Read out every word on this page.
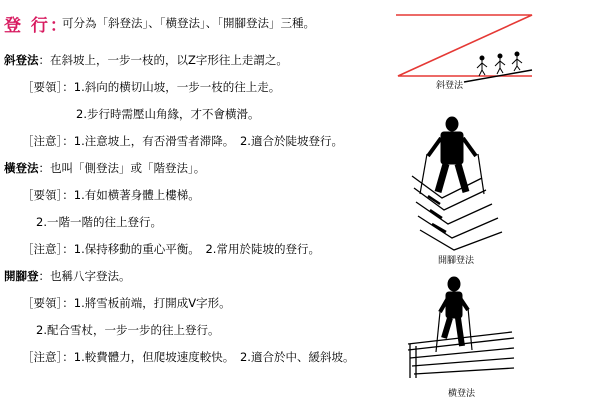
登 行：
可分為「斜登法」、「横登法」、「開腳登法」三種。
斜登法：在斜坡上，一步一枝的，以Z字形往上走謂之。
［要領］：1.斜向的横切山坡，一步一枝的往上走。
2.步行時需壓山角緣，才不會横滑。
［注意］：1.注意坡上，有否滑雪者滞降。　2.適合於陡坡登行。
橫登法：也叫「側登法」或「階登法」。
［要領］：1.有如横著身體上樓梯。
2.一階一階的往上登行。
［注意］：1.保持移動的重心平衡。　2.常用於陡坡的登行。
開腳登：也稱八字登法。
［要領］：1.將雪板前端，打開成V字形。
2.配合雪杖，一步一步的往上登行。
［注意］：1.較費體力，但爬坡速度較快。　2.適合於中、緩斜坡。
斜登法
開腳登法
横登法
